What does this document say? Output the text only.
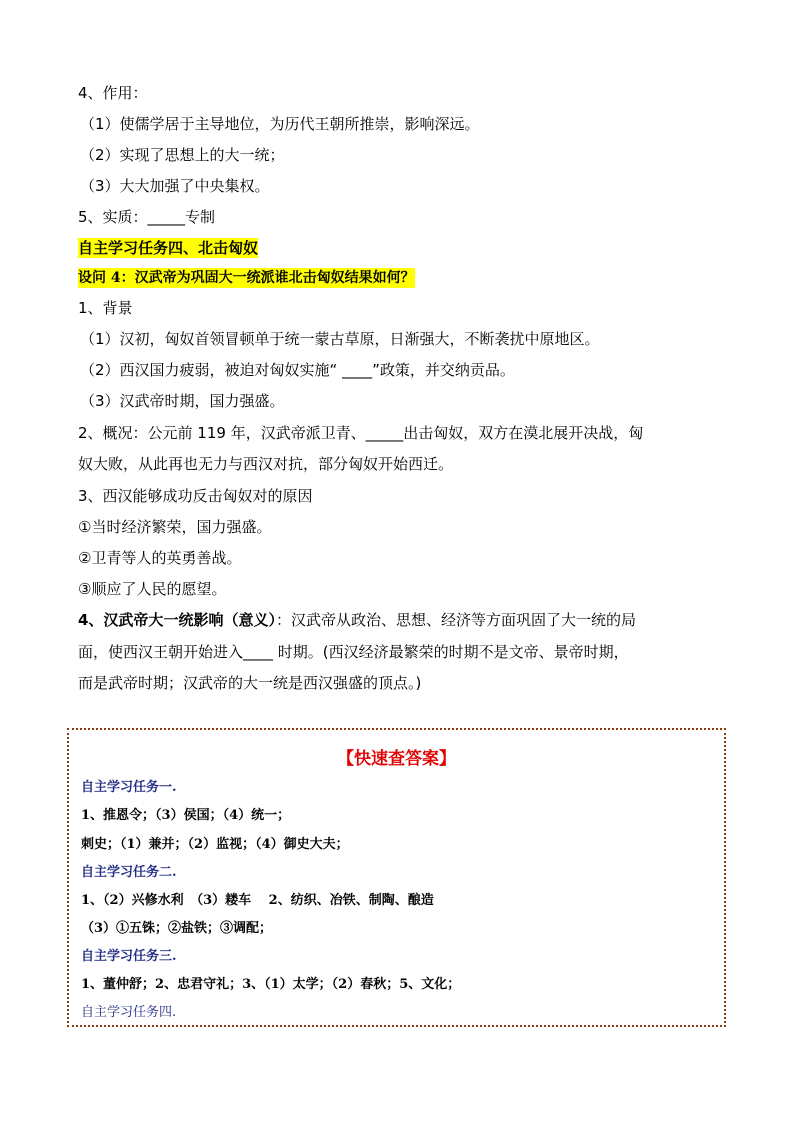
4、作用：
（1）使儒学居于主导地位，为历代王朝所推崇，影响深远。
（2）实现了思想上的大一统；
（3）大大加强了中央集权。
5、实质：_____专制
自主学习任务四、北击匈奴
设问 4：汉武帝为巩固大一统派谁北击匈奴结果如何？
1、背景
（1）汉初，匈奴首领冒顿单于统一蒙古草原，日渐强大，不断袭扰中原地区。
（2）西汉国力疲弱，被迫对匈奴实施“ ____”政策，并交纳贡品。
（3）汉武帝时期，国力强盛。
2、概况：公元前 119 年，汉武帝派卫青、_____出击匈奴，双方在漠北展开决战，匈
奴大败，从此再也无力与西汉对抗，部分匈奴开始西迁。
3、西汉能够成功反击匈奴对的原因
①当时经济繁荣，国力强盛。
②卫青等人的英勇善战。
③顺应了人民的愿望。
4、汉武帝大一统影响（意义）：汉武帝从政治、思想、经济等方面巩固了大一统的局
面，使西汉王朝开始进入____ 时期。(西汉经济最繁荣的时期不是文帝、景帝时期，
而是武帝时期；汉武帝的大一统是西汉强盛的顶点。)
【快速查答案】
自主学习任务一.
1、推恩令；（3）侯国；（4）统一；
刺史；（1）兼并；（2）监视；（4）御史大夫；
自主学习任务二.
1、（2）兴修水利　（3）耧车　 2、纺织、冶铁、制陶、酿造
（3）①五铢；②盐铁；③调配；
自主学习任务三.
1、董仲舒；2、忠君守礼；3、（1）太学；（2）春秋；5、文化；
自主学习任务四.
